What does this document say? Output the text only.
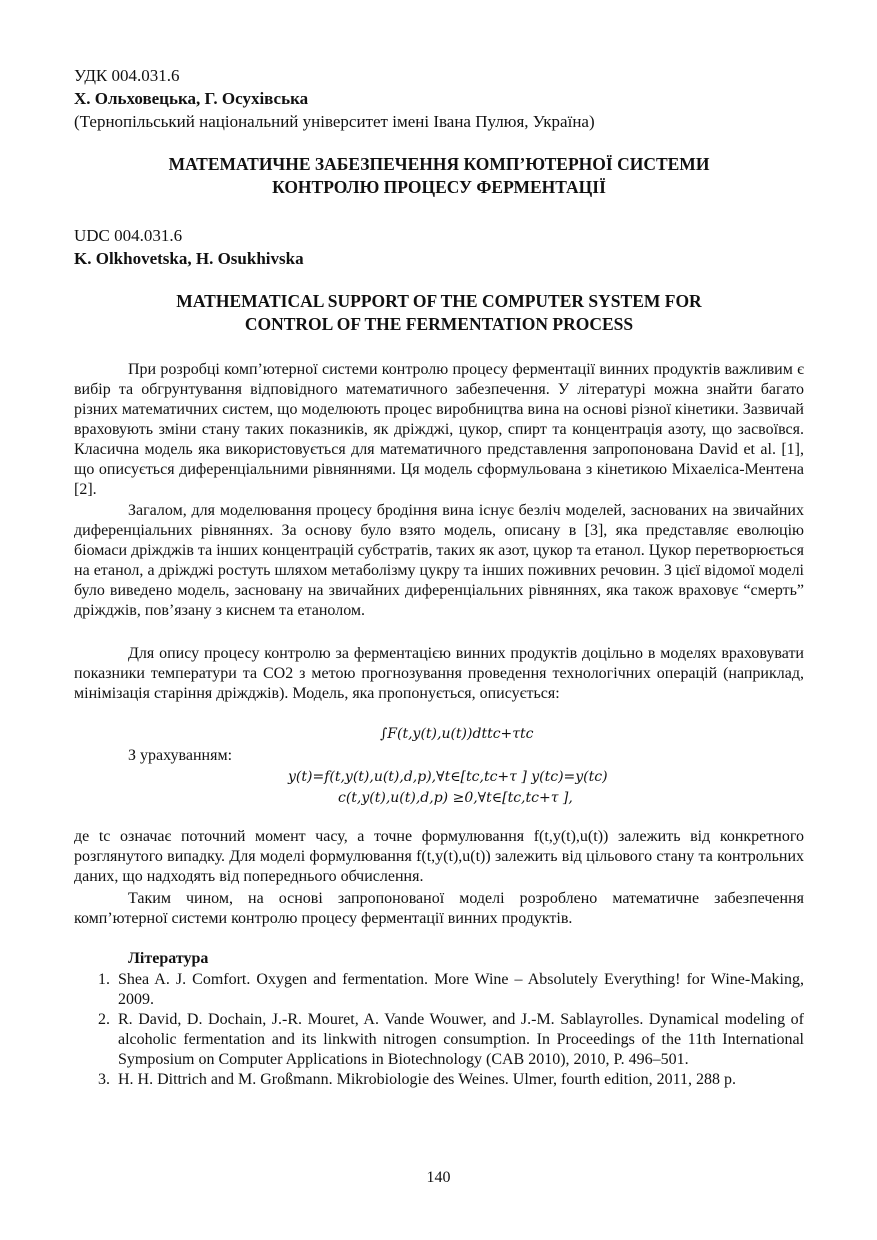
УДК 004.031.6
Х. Ольховецька, Г. Осухівська
(Тернопільський національний університет імені Івана Пулюя, Україна)
МАТЕМАТИЧНЕ ЗАБЕЗПЕЧЕННЯ КОМП’ЮТЕРНОЇ СИСТЕМИ
КОНТРОЛЮ ПРОЦЕСУ ФЕРМЕНТАЦІЇ
UDC 004.031.6
K. Olkhovetska, H. Osukhivska
MATHEMATICAL SUPPORT OF THE COMPUTER SYSTEM FOR
CONTROL OF THE FERMENTATION PROCESS

При розробці комп’ютерної системи контролю процесу ферментації винних продуктів важливим є вибір та обгрунтування відповідного математичного забезпечення. У літературі можна знайти багато різних математичних систем, що моделюють процес виробництва вина на основі різної кінетики. Зазвичай враховують зміни стану таких показників, як дріжджі, цукор, спирт та концентрація азоту, що засвоївся. Класична модель яка використовується для математичного представлення запропонована David et al. [1], що описується диференціальними рівняннями. Ця модель сформульована з кінетикою Міхаеліса-Ментена [2].

Загалом, для моделювання процесу бродіння вина існує безліч моделей, заснованих на звичайних диференціальних рівняннях. За основу було взято модель, описану в [3], яка представляє еволюцію біомаси дріжджів та інших концентрацій субстратів, таких як азот, цукор та етанол. Цукор перетворюється на етанол, а дріжджі ростуть шляхом метаболізму цукру та інших поживних речовин. З цієї відомої моделі було виведено модель, засновану на звичайних диференціальних рівняннях, яка також враховує “смерть” дріжджів, пов’язану з киснем та етанолом.

Для опису процесу контролю за ферментацією винних продуктів доцільно в моделях враховувати показники температури та CO2 з метою прогнозування проведення технологічних операцій (наприклад, мінімізація старіння дріжджів). Модель, яка пропонується, описується:

∫F(t,y(t),u(t))dttc+τtc
З урахуванням:
y(t)=f(t,y(t),u(t),d,p),∀t∈[tc,tc+τ ] y(tc)=y(tc)
c(t,y(t),u(t),d,p) ≥0,∀t∈[tc,tc+τ ],

де tc означає поточний момент часу, а точне формулювання f(t,y(t),u(t)) залежить від конкретного розглянутого випадку. Для моделі формулювання f(t,y(t),u(t)) залежить від цільового стану та контрольних даних, що надходять від попереднього обчислення.

Таким чином, на основі запропонованої моделі розроблено математичне забезпечення комп’ютерної системи контролю процесу ферментації винних продуктів.

Література
1. Shea A. J. Comfort. Oxygen and fermentation. More Wine – Absolutely Everything! for Wine-Making, 2009.
2. R. David, D. Dochain, J.-R. Mouret, A. Vande Wouwer, and J.-M. Sablayrolles. Dynamical modeling of alcoholic fermentation and its linkwith nitrogen consumption. In Proceedings of the 11th International Symposium on Computer Applications in Biotechnology (CAB 2010), 2010, P. 496–501.
3. H. H. Dittrich and M. Großmann. Mikrobiologie des Weines. Ulmer, fourth edition, 2011, 288 p.
140
